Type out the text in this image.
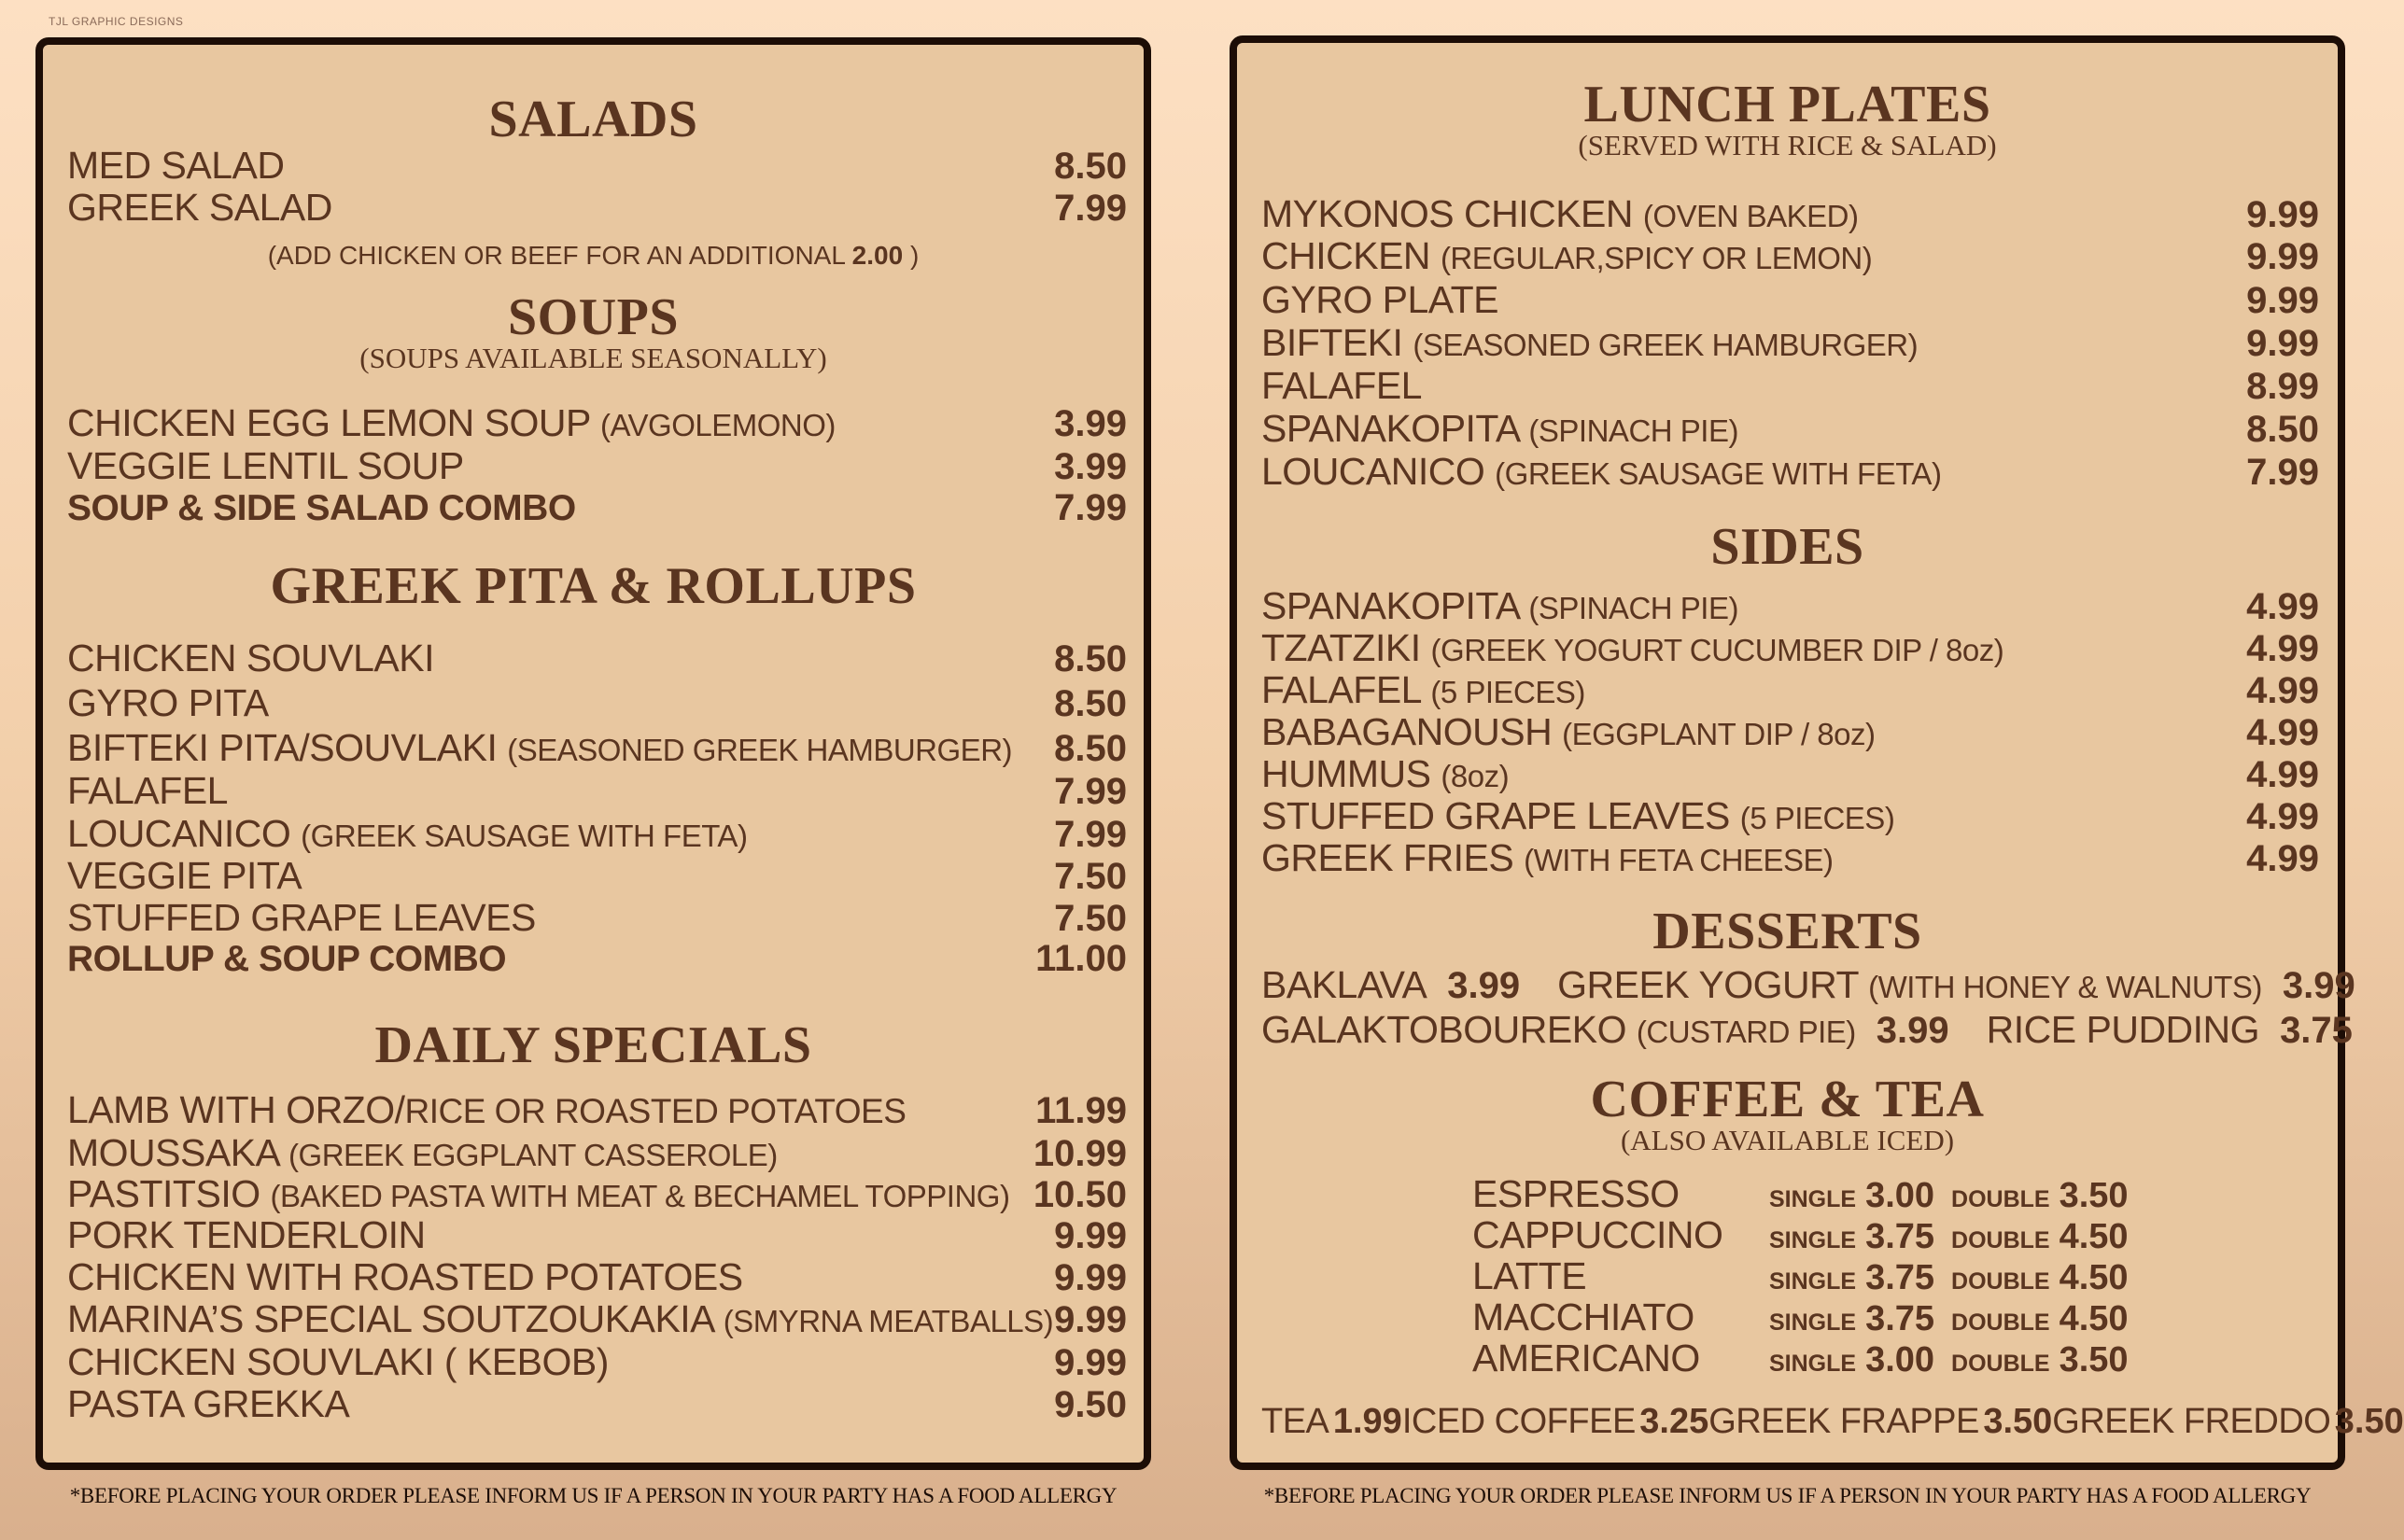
TJL GRAPHIC DESIGNS
SALADS
MED SALAD	8.50
GREEK SALAD	7.99
(ADD CHICKEN OR BEEF FOR AN ADDITIONAL 2.00 )
SOUPS
(SOUPS AVAILABLE SEASONALLY)
CHICKEN EGG LEMON SOUP (AVGOLEMONO)	3.99
VEGGIE LENTIL SOUP	3.99
SOUP & SIDE SALAD COMBO	7.99
GREEK PITA & ROLLUPS
CHICKEN SOUVLAKI	8.50
GYRO PITA	8.50
BIFTEKI PITA/SOUVLAKI (SEASONED GREEK HAMBURGER) 8.50
FALAFEL	7.99
LOUCANICO (GREEK SAUSAGE WITH FETA)	7.99
VEGGIE PITA	7.50
STUFFED GRAPE LEAVES	7.50
ROLLUP & SOUP COMBO	11.00
DAILY SPECIALS
LAMB WITH ORZO/RICE OR ROASTED POTATOES	11.99
MOUSSAKA (GREEK EGGPLANT CASSEROLE)	10.99
PASTITSIO (BAKED PASTA WITH MEAT & BECHAMEL TOPPING) 10.50
PORK TENDERLOIN	9.99
CHICKEN WITH ROASTED POTATOES	9.99
MARINA’S SPECIAL SOUTZOUKAKIA (SMYRNA MEATBALLS) 9.99
CHICKEN SOUVLAKI ( KEBOB)	9.99
PASTA GREKKA	9.50
LUNCH PLATES
(SERVED WITH RICE & SALAD)
MYKONOS CHICKEN (OVEN BAKED)	9.99
CHICKEN (REGULAR,SPICY OR LEMON)	9.99
GYRO PLATE	9.99
BIFTEKI (SEASONED GREEK HAMBURGER)	9.99
FALAFEL	8.99
SPANAKOPITA (SPINACH PIE)	8.50
LOUCANICO (GREEK SAUSAGE WITH FETA)	7.99
SIDES
SPANAKOPITA (SPINACH PIE)	4.99
TZATZIKI (GREEK YOGURT CUCUMBER DIP / 8oz)	4.99
FALAFEL (5 PIECES)	4.99
BABAGANOUSH (EGGPLANT DIP / 8oz)	4.99
HUMMUS (8oz)	4.99
STUFFED GRAPE LEAVES (5 PIECES)	4.99
GREEK FRIES (WITH FETA CHEESE)	4.99
DESSERTS
BAKLAVA 3.99 GREEK YOGURT (WITH HONEY & WALNUTS) 3.99
GALAKTOBOUREKO (CUSTARD PIE) 3.99 RICE PUDDING 3.75
COFFEE & TEA
(ALSO AVAILABLE ICED)
ESPRESSO	SINGLE 3.00 DOUBLE 3.50
CAPPUCCINO	SINGLE 3.75 DOUBLE 4.50
LATTE	SINGLE 3.75 DOUBLE 4.50
MACCHIATO	SINGLE 3.75 DOUBLE 4.50
AMERICANO	SINGLE 3.00 DOUBLE 3.50
TEA 1.99 ICED COFFEE 3.25 GREEK FRAPPE 3.50 GREEK FREDDO 3.50
*BEFORE PLACING YOUR ORDER PLEASE INFORM US IF A PERSON IN YOUR PARTY HAS A FOOD ALLERGY	*BEFORE PLACING YOUR ORDER PLEASE INFORM US IF A PERSON IN YOUR PARTY HAS A FOOD ALLERGY
